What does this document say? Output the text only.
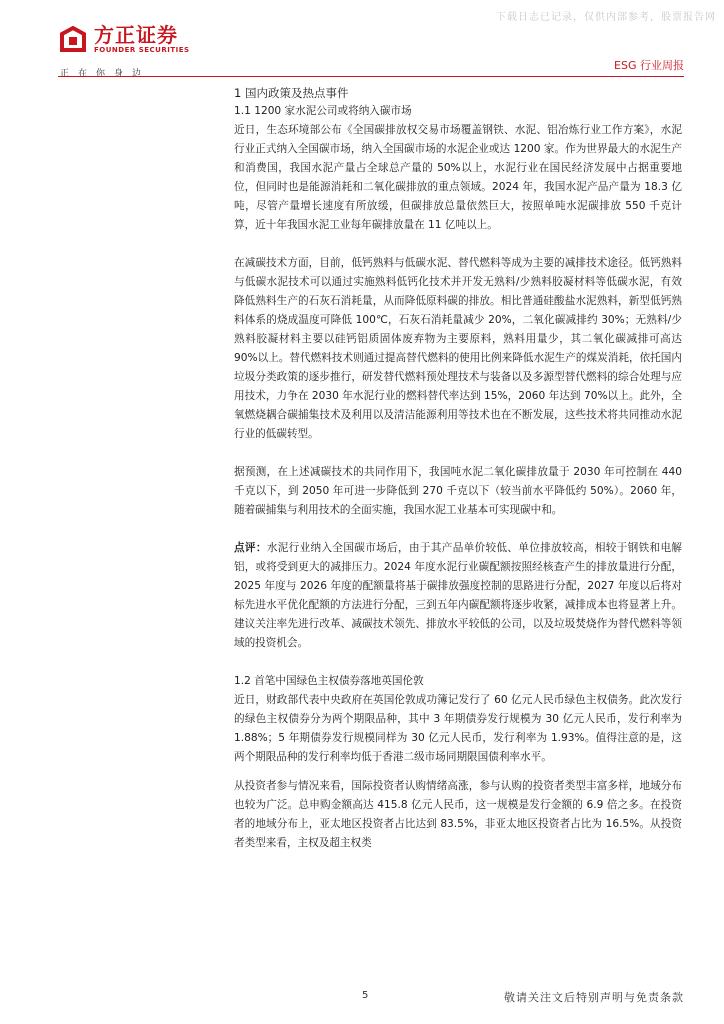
下载日志已记录，仅供内部参考，股票报告网
方正证券
FOUNDER SECURITIES
正在你身边
ESG 行业周报

1 国内政策及热点事件

1.1 1200 家水泥公司或将纳入碳市场

近日，生态环境部公布《全国碳排放权交易市场覆盖钢铁、水泥、铝冶炼行业工作方案》，水泥行业正式纳入全国碳市场，纳入全国碳市场的水泥企业或达 1200 家。作为世界最大的水泥生产和消费国，我国水泥产量占全球总产量的 50%以上，水泥行业在国民经济发展中占据重要地位，但同时也是能源消耗和二氧化碳排放的重点领域。2024 年，我国水泥产品产量为 18.3 亿吨，尽管产量增长速度有所放缓，但碳排放总量依然巨大，按照单吨水泥碳排放 550 千克计算，近十年我国水泥工业每年碳排放量在 11 亿吨以上。

在减碳技术方面，目前，低钙熟料与低碳水泥、替代燃料等成为主要的减排技术途径。低钙熟料与低碳水泥技术可以通过实施熟料低钙化技术并开发无熟料/少熟料胶凝材料等低碳水泥，有效降低熟料生产的石灰石消耗量，从而降低原料碳的排放。相比普通硅酸盐水泥熟料，新型低钙熟料体系的烧成温度可降低 100℃，石灰石消耗量减少 20%，二氧化碳减排约 30%；无熟料/少熟料胶凝材料主要以硅钙铝质固体废弃物为主要原料，熟料用量少，其二氧化碳减排可高达 90%以上。替代燃料技术则通过提高替代燃料的使用比例来降低水泥生产的煤炭消耗，依托国内垃圾分类政策的逐步推行，研发替代燃料预处理技术与装备以及多源型替代燃料的综合处理与应用技术，力争在 2030 年水泥行业的燃料替代率达到 15%，2060 年达到 70%以上。此外，全氧燃烧耦合碳捕集技术及利用以及清洁能源利用等技术也在不断发展，这些技术将共同推动水泥行业的低碳转型。

据预测，在上述减碳技术的共同作用下，我国吨水泥二氧化碳排放量于 2030 年可控制在 440 千克以下，到 2050 年可进一步降低到 270 千克以下（较当前水平降低约 50%）。2060 年，随着碳捕集与利用技术的全面实施，我国水泥工业基本可实现碳中和。

点评：水泥行业纳入全国碳市场后，由于其产品单价较低、单位排放较高，相较于钢铁和电解铝，或将受到更大的减排压力。2024 年度水泥行业碳配额按照经核查产生的排放量进行分配，2025 年度与 2026 年度的配额量将基于碳排放强度控制的思路进行分配，2027 年度以后将对标先进水平优化配额的方法进行分配，三到五年内碳配额将逐步收紧，减排成本也将显著上升。建议关注率先进行改革、减碳技术领先、排放水平较低的公司，以及垃圾焚烧作为替代燃料等领域的投资机会。

1.2 首笔中国绿色主权债券落地英国伦敦

近日，财政部代表中央政府在英国伦敦成功簿记发行了 60 亿元人民币绿色主权债务。此次发行的绿色主权债券分为两个期限品种，其中 3 年期债券发行规模为 30 亿元人民币，发行利率为 1.88%；5 年期债券发行规模同样为 30 亿元人民币，发行利率为 1.93%。值得注意的是，这两个期限品种的发行利率均低于香港二级市场同期限国债利率水平。

从投资者参与情况来看，国际投资者认购情绪高涨，参与认购的投资者类型丰富多样，地域分布也较为广泛。总申购金额高达 415.8 亿元人民币，这一规模是发行金额的 6.9 倍之多。在投资者的地域分布上，亚太地区投资者占比达到 83.5%，非亚太地区投资者占比为 16.5%。从投资者类型来看，主权及超主权类

5	敬请关注文后特别声明与免责条款
